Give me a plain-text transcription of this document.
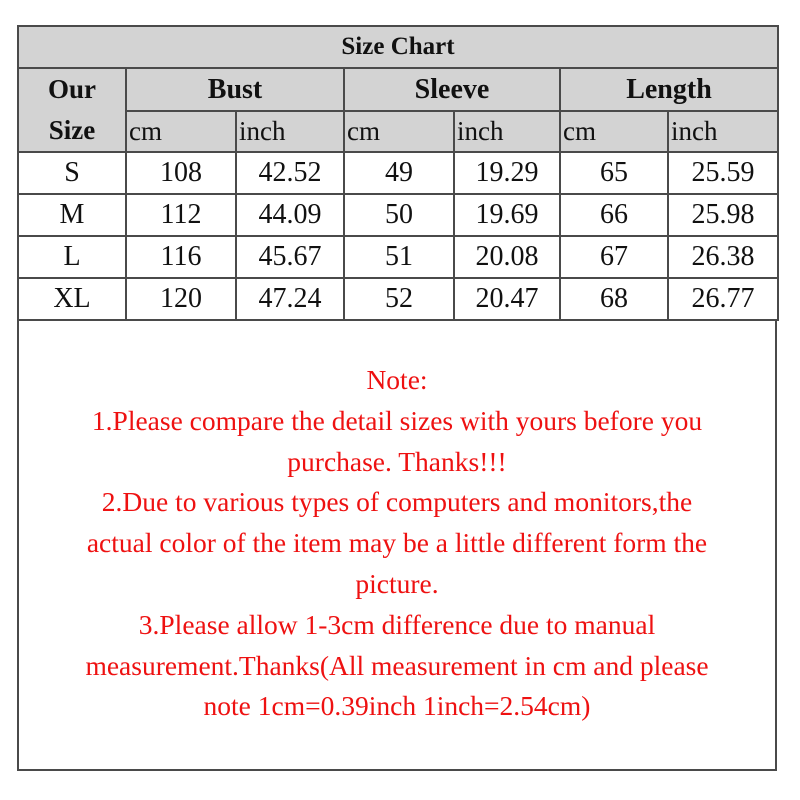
Size Chart						

Our
Size	Bust		Sleeve		Length	
	cm	inch	cm	inch	cm	inch
S	108	42.52	49	19.29	65	25.59
M	112	44.09	50	19.69	66	25.98
L	116	45.67	51	20.08	67	26.38
XL	120	47.24	52	20.47	68	26.77
Note:
1.Please compare the detail sizes with yours before you
purchase. Thanks!!!
2.Due to various types of computers and monitors,the
actual color of the item may be a little different form the
picture.
3.Please allow 1-3cm difference due to manual
measurement.Thanks(All measurement in cm and please
note 1cm=0.39inch 1inch=2.54cm)
